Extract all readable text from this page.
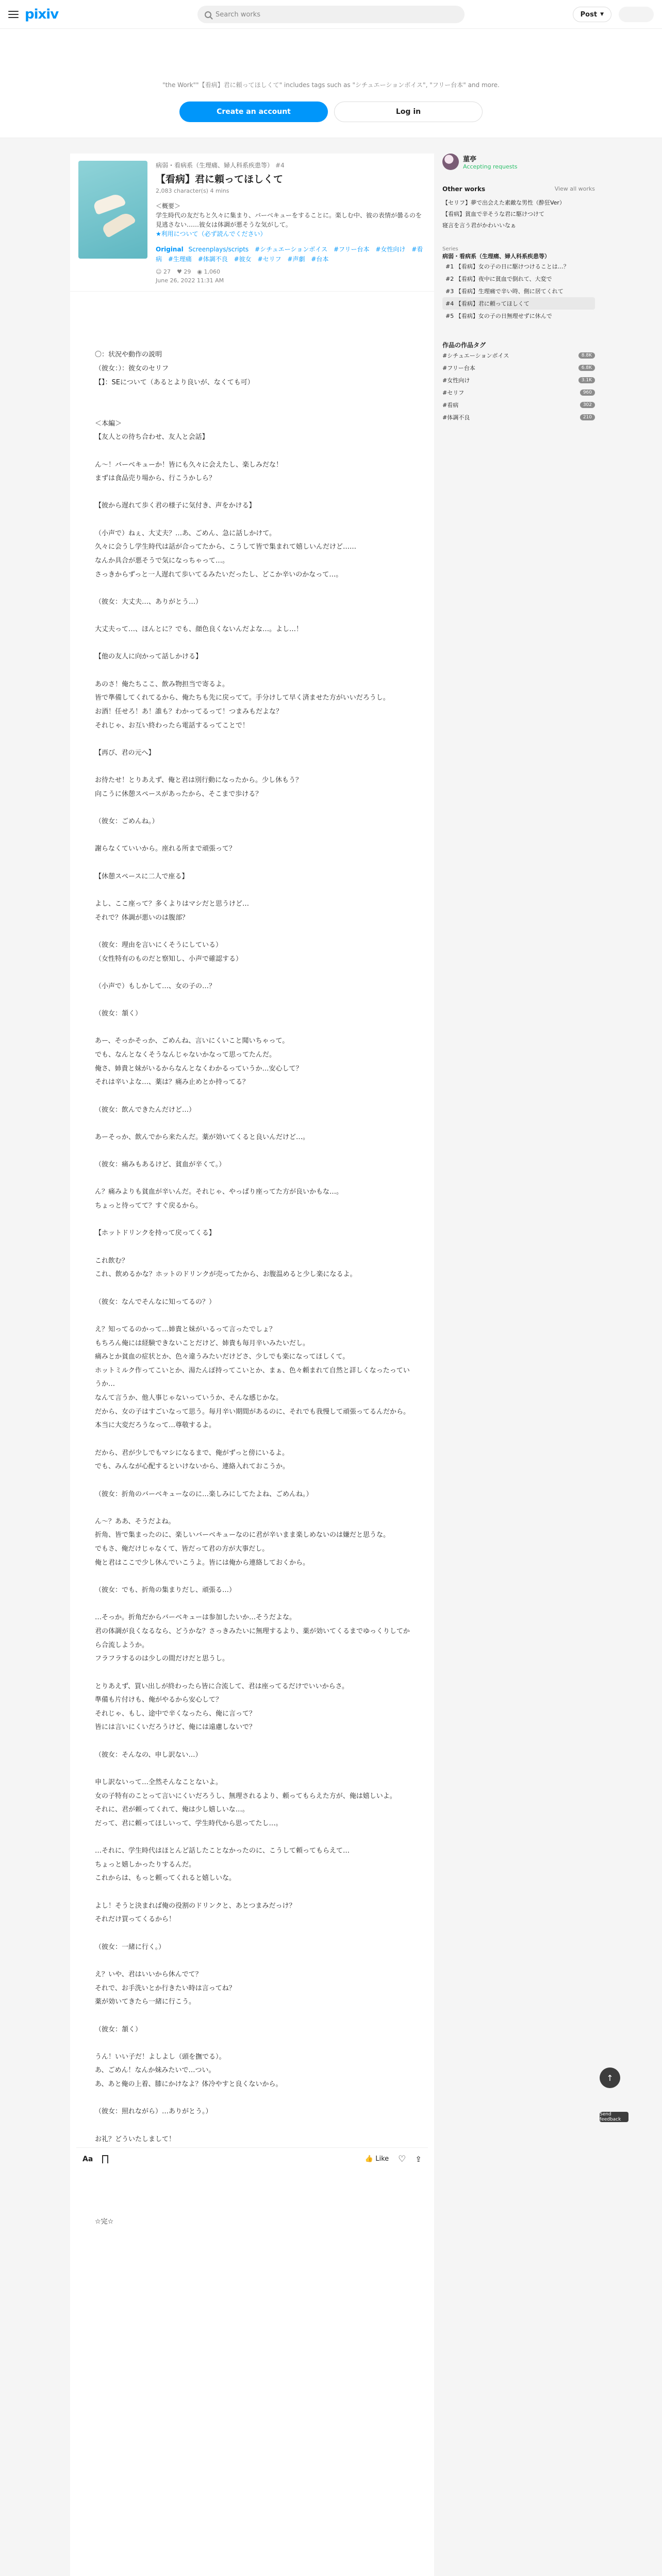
pixiv	Search works	Post ▼
"the Work""【看病】君に頼ってほしくて" includes tags such as "シチュエーションボイス", "フリー台本" and more.
Create an account	Log in
病弱・看病系（生理痛、婦人科系疾患等） #4
【看病】君に頼ってほしくて
2,083 character(s) 4 mins
＜概要＞
学生時代の友だちと久々に集まり、バーベキューをすることに。楽しむ中、彼の表情が曇るのを見逃さない……彼女は体調が悪そうな気がして。
★利用について（必ず読んでください）
Original Screenplays/scripts #シチュエーションボイス #フリー台本 #女性向け #看病 #生理痛 #体調不良 #彼女 #セリフ #声劇 #台本
☺ 27 ♥ 29 ◉ 1,060
June 26, 2022 11:31 AM
〇：状況や動作の説明
（彼女：）：彼女のセリフ
【】：SEについて（あるとより良いが、なくても可）

＜本編＞
【友人との待ち合わせ、友人と会話】

ん～！バーベキューか！皆にも久々に会えたし、楽しみだな！
まずは食品売り場から、行こうかしら？

【彼から遅れて歩く君の様子に気付き、声をかける】

（小声で）ねぇ、大丈夫？…あ、ごめん、急に話しかけて。
久々に会うし学生時代は話が合ってたから、こうして皆で集まれて嬉しいんだけど……
なんか具合が悪そうで気になっちゃって…。
さっきからずっと一人遅れて歩いてるみたいだったし、どこか辛いのかなって…。

（彼女：大丈夫…、ありがとう…）

大丈夫って…、ほんとに？でも、顔色良くないんだよな…。よし…！

【他の友人に向かって話しかける】

あのさ！俺たちここ、飲み物担当で寄るよ。
皆で準備してくれてるから、俺たちも先に戻ってて。手分けして早く済ませた方がいいだろうし。
お酒！任せろ！あ！誰も？わかってるって！つまみもだよな？
それじゃ、お互い終わったら電話するってことで！

【再び、君の元へ】

お待たせ！とりあえず、俺と君は別行動になったから。少し休もう？
向こうに休憩スペースがあったから、そこまで歩ける？

（彼女：ごめんね。）

謝らなくていいから。座れる所まで頑張って？

【休憩スペースに二人で座る】

よし、ここ座って？多くよりはマシだと思うけど…
それで？体調が悪いのは腹部？

（彼女：理由を言いにくそうにしている）
（女性特有のものだと察知し、小声で確認する）

（小声で）もしかして…、女の子の…？

（彼女：頷く）

あー、そっかそっか、ごめんね、言いにくいこと聞いちゃって。
でも、なんとなくそうなんじゃないかなって思ってたんだ。
俺さ、姉貴と妹がいるからなんとなくわかるっていうか…安心して？
それは辛いよな…、薬は？痛み止めとか持ってる？

（彼女：飲んできたんだけど…）

あーそっか、飲んでから来たんだ。薬が効いてくると良いんだけど…。

（彼女：痛みもあるけど、貧血が辛くて。）

ん？痛みよりも貧血が辛いんだ。それじゃ、やっぱり座ってた方が良いかもな…。
ちょっと待ってて？すぐ戻るから。

【ホットドリンクを持って戻ってくる】

これ飲む？
これ、飲めるかな？ホットのドリンクが売ってたから、お腹温めると少し楽になるよ。

（彼女：なんでそんなに知ってるの？）

え？知ってるのかって…姉貴と妹がいるって言ったでしょ？
もちろん俺には経験できないことだけど、姉貴も毎月辛いみたいだし。
痛みとか貧血の症状とか、色々違うみたいだけどさ、少しでも楽になってほしくて。
ホットミルク作ってこいとか、湯たんぽ持ってこいとか、まぁ、色々頼まれて自然と詳しくなったっていうか…
なんて言うか、他人事じゃないっていうか、そんな感じかな。
だから、女の子はすごいなって思う。毎月辛い期間があるのに、それでも我慢して頑張ってるんだから。
本当に大変だろうなって…尊敬するよ。

だから、君が少しでもマシになるまで、俺がずっと傍にいるよ。
でも、みんなが心配するといけないから、連絡入れておこうか。

（彼女：折角のバーベキューなのに…楽しみにしてたよね、ごめんね。）

ん～？ああ、そうだよね。
折角、皆で集まったのに、楽しいバーベキューなのに君が辛いまま楽しめないのは嫌だと思うな。
でもさ、俺だけじゃなくて、皆だって君の方が大事だし。
俺と君はここで少し休んでいこうよ。皆には俺から連絡しておくから。

（彼女：でも、折角の集まりだし、頑張る…）

…そっか。折角だからバーベキューは参加したいか…そうだよな。
君の体調が良くなるなら、どうかな？さっきみたいに無理するより、薬が効いてくるまでゆっくりしてから合流しようか。
フラフラするのは少しの間だけだと思うし。

とりあえず、買い出しが終わったら皆に合流して、君は座ってるだけでいいからさ。
準備も片付けも、俺がやるから安心して？
それじゃ、もし、途中で辛くなったら、俺に言って？
皆には言いにくいだろうけど、俺には遠慮しないで？

（彼女：そんなの、申し訳ない…）

申し訳ないって…全然そんなことないよ。
女の子特有のことって言いにくいだろうし、無理されるより、頼ってもらえた方が、俺は嬉しいよ。
それに、君が頼ってくれて、俺は少し嬉しいな…。
だって、君に頼ってほしいって、学生時代から思ってたし…。

…それに、学生時代はほとんど話したことなかったのに、こうして頼ってもらえて…
ちょっと嬉しかったりするんだ。
これからは、もっと頼ってくれると嬉しいな。

よし！そうと決まれば俺の役割のドリンクと、あとつまみだっけ？
それだけ買ってくるから！

（彼女：一緒に行く。）

え？いや、君はいいから休んでて？
それで、お手洗いとか行きたい時は言ってね？
薬が効いてきたら一緒に行こう。

（彼女：頷く）

うん！いい子だ！よしよし（頭を撫でる）。
あ、ごめん！なんか妹みたいで…つい。
あ、あと俺の上着、膝にかけなよ？体冷やすと良くないから。

（彼女：照れながら）…ありがとう。）

お礼？どういたしまして！

☆完☆
Aa	👍 Like ♡ ⇪
菫亭
Accepting requests
Other works	View all works
【セリフ】夢で出会えた素敵な男性（酔狂Ver）
【看病】貧血で辛そうな君に駆けつけて
寝言を言う君がかわいいなぁ
Series
病弱・看病系（生理痛、婦人科系疾患等）
#1 【看病】女の子の日に駆けつけることは…？
#2 【看病】夜中に貧血で倒れて、大変で
#3 【看病】生理痛で辛い時、側に居てくれて
#4 【看病】君に頼ってほしくて
#5 【看病】女の子の日無理せずに休んで
作品の作品タグ
#シチュエーションボイス	8.8K
#フリー台本	6.8K
#女性向け	3.1K
#セリフ	960
#看病	302
#体調不良	210
↑
Send feedback
